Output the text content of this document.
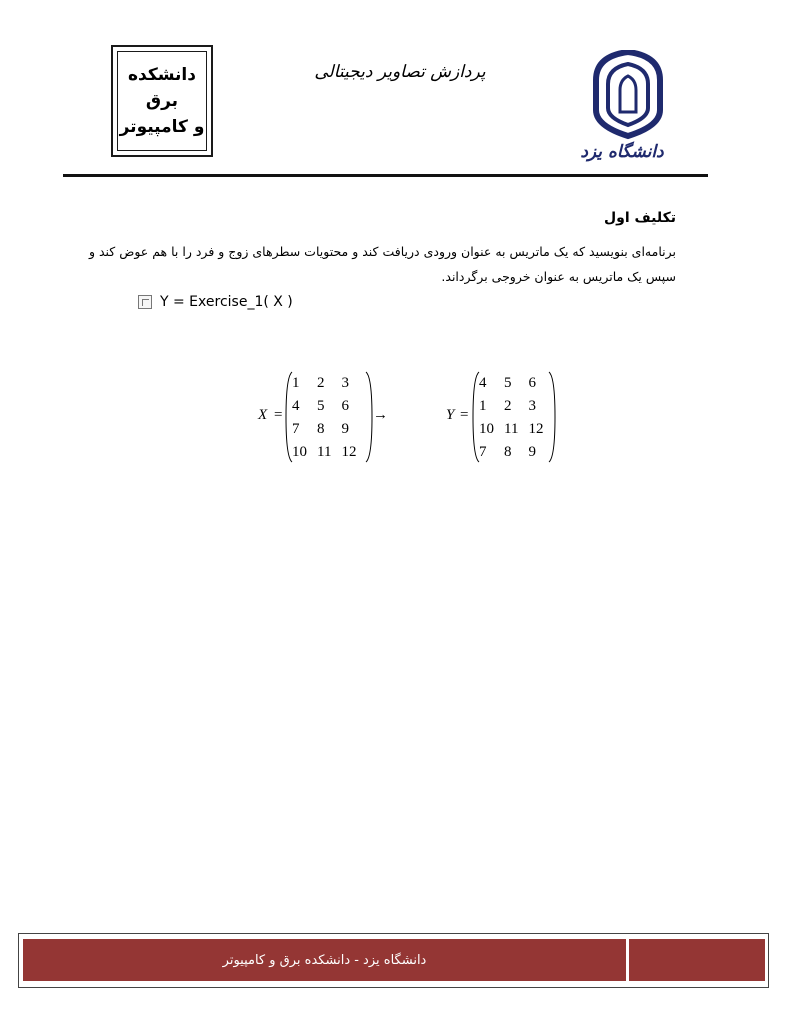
دانشکده
برق
و کامپیوتر
پردازش تصاویر دیجیتالی
دانشگاه یزد
تکلیف اول
برنامه‌ای بنویسید که یک ماتریس به عنوان ورودی دریافت کند و محتویات سطرهای زوج و فرد را با هم عوض کند و سپس یک ماتریس به عنوان خروجی برگرداند.
Y = Exercise_1( X )
X =
1	2	3
4	5	6
7	8	9
10 11 12
→	Y =
4	5	6
1	2	3
10 11 12
7	8	9
دانشگاه یزد - دانشکده برق و کامپیوتر
